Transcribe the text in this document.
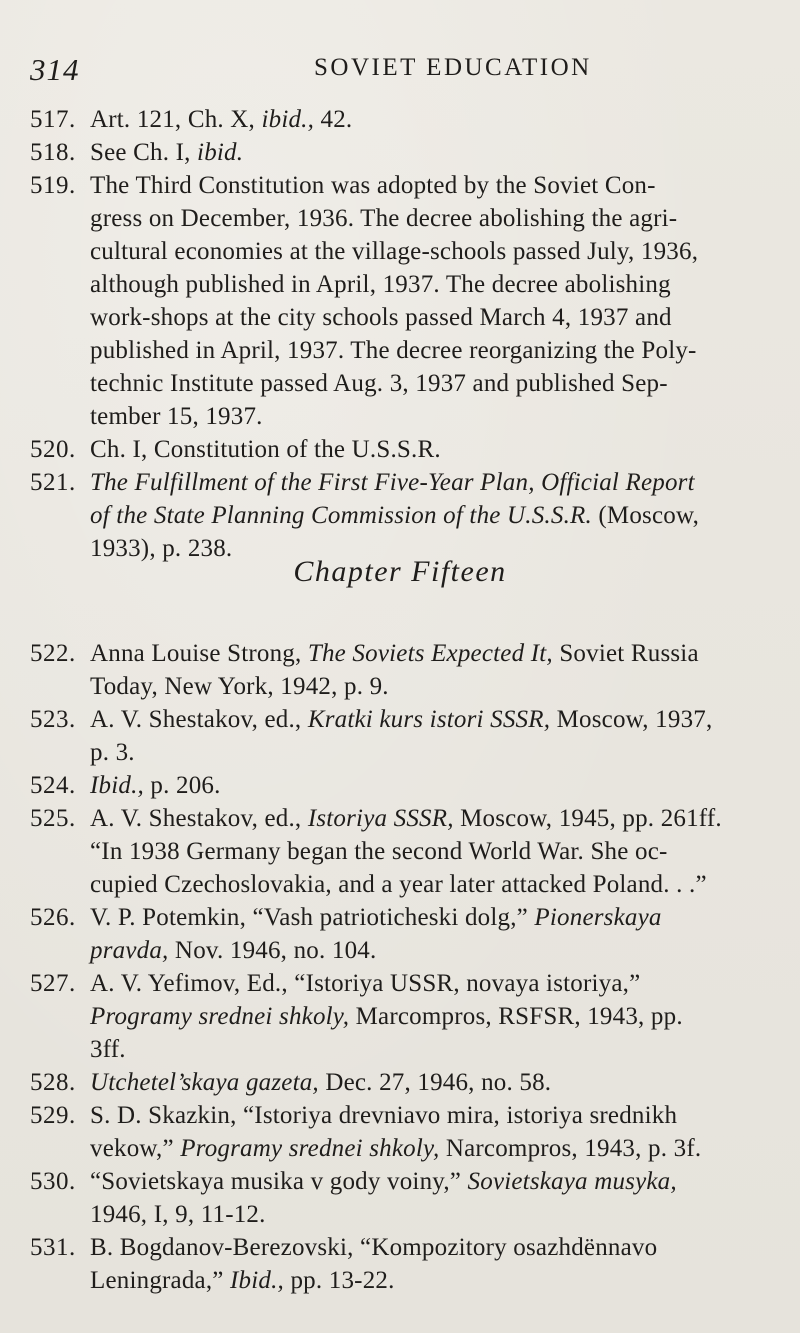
314	SOVIET EDUCATION
517. Art. 121, Ch. X, ibid., 42.
518. See Ch. I, ibid.
519. The Third Constitution was adopted by the Soviet Con-
gress on December, 1936. The decree abolishing the agri-
cultural economies at the village-schools passed July, 1936,
although published in April, 1937. The decree abolishing
work-shops at the city schools passed March 4, 1937 and
published in April, 1937. The decree reorganizing the Poly-
technic Institute passed Aug. 3, 1937 and published Sep-
tember 15, 1937.
520. Ch. I, Constitution of the U.S.S.R.
521. The Fulfillment of the First Five-Year Plan, Official Report
of the State Planning Commission of the U.S.S.R. (Moscow,
1933), p. 238.
522. Anna Louise Strong, The Soviets Expected It, Soviet Russia
Today, New York, 1942, p. 9.
523. A. V. Shestakov, ed., Kratki kurs istori SSSR, Moscow, 1937,
p. 3.
524. Ibid., p. 206.
525. A. V. Shestakov, ed., Istoriya SSSR, Moscow, 1945, pp. 261ff.
“In 1938 Germany began the second World War. She oc-
cupied Czechoslovakia, and a year later attacked Poland. . .”
526. V. P. Potemkin, “Vash patrioticheski dolg,” Pionerskaya
pravda, Nov. 1946, no. 104.
527. A. V. Yefimov, Ed., “Istoriya USSR, novaya istoriya,”
Programy srednei shkoly, Marcompros, RSFSR, 1943, pp.
3ff.
528. Utchetel’skaya gazeta, Dec. 27, 1946, no. 58.
529. S. D. Skazkin, “Istoriya drevniavo mira, istoriya srednikh
vekow,” Programy srednei shkoly, Narcompros, 1943, p. 3f.
530. “Sovietskaya musika v gody voiny,” Sovietskaya musyka,
1946, I, 9, 11-12.
531. B. Bogdanov-Berezovski, “Kompozitory osazhdënnavo
Leningrada,” Ibid., pp. 13-22.
Chapter Fifteen
